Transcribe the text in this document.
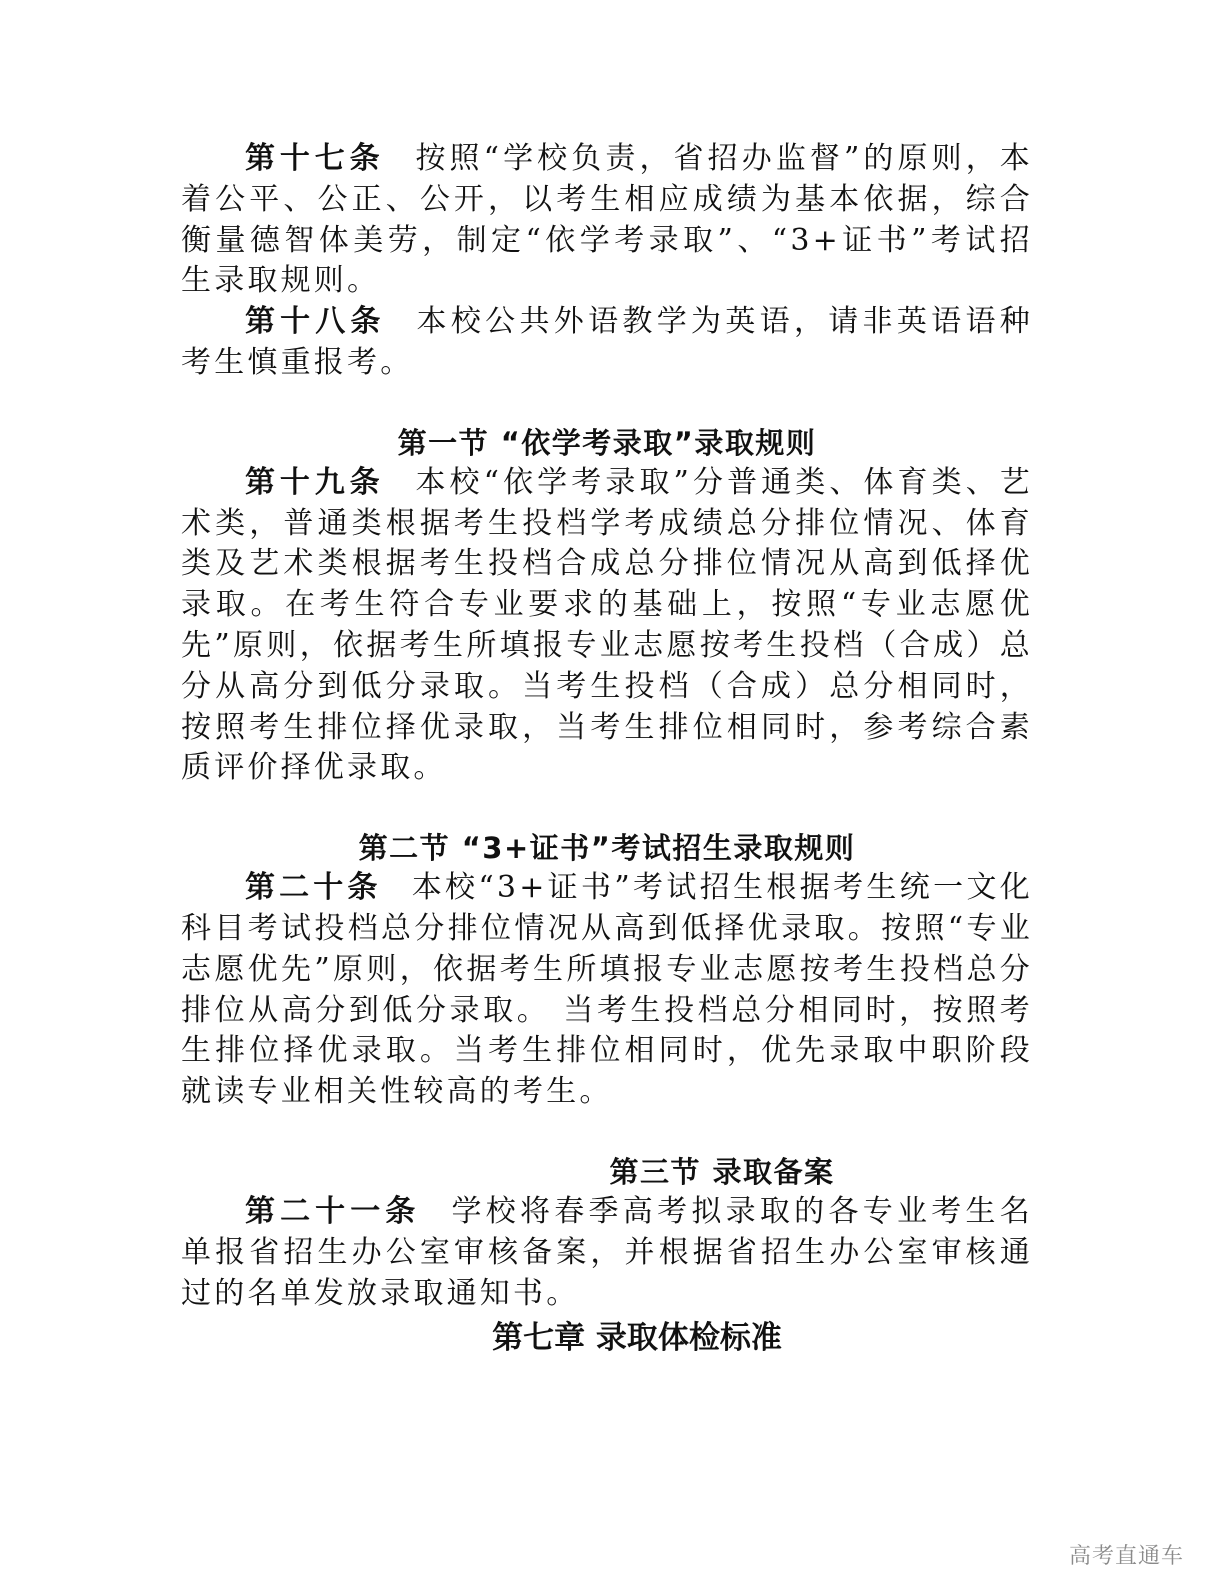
第十七条 按照“学校负责，省招办监督”的原则，本着公平、公正、公开，以考生相应成绩为基本依据，综合衡量德智体美劳，制定“依学考录取”、“3+证书”考试招生录取规则。

第十八条 本校公共外语教学为英语，请非英语语种考生慎重报考。

第一节 “依学考录取”录取规则

第十九条 本校“依学考录取”分普通类、体育类、艺术类，普通类根据考生投档学考成绩总分排位情况、体育类及艺术类根据考生投档合成总分排位情况从高到低择优录取。在考生符合专业要求的基础上，按照“专业志愿优先”原则，依据考生所填报专业志愿按考生投档（合成）总分从高分到低分录取。当考生投档（合成）总分相同时，按照考生排位择优录取，当考生排位相同时，参考综合素质评价择优录取。

第二节 “3+证书”考试招生录取规则

第二十条 本校“3+证书”考试招生根据考生统一文化科目考试投档总分排位情况从高到低择优录取。按照“专业志愿优先”原则，依据考生所填报专业志愿按考生投档总分排位从高分到低分录取。 当考生投档总分相同时，按照考生排位择优录取。当考生排位相同时，优先录取中职阶段就读专业相关性较高的考生。

第三节 录取备案

第二十一条 学校将春季高考拟录取的各专业考生名单报省招生办公室审核备案，并根据省招生办公室审核通过的名单发放录取通知书。

第七章 录取体检标准
高考直通车
